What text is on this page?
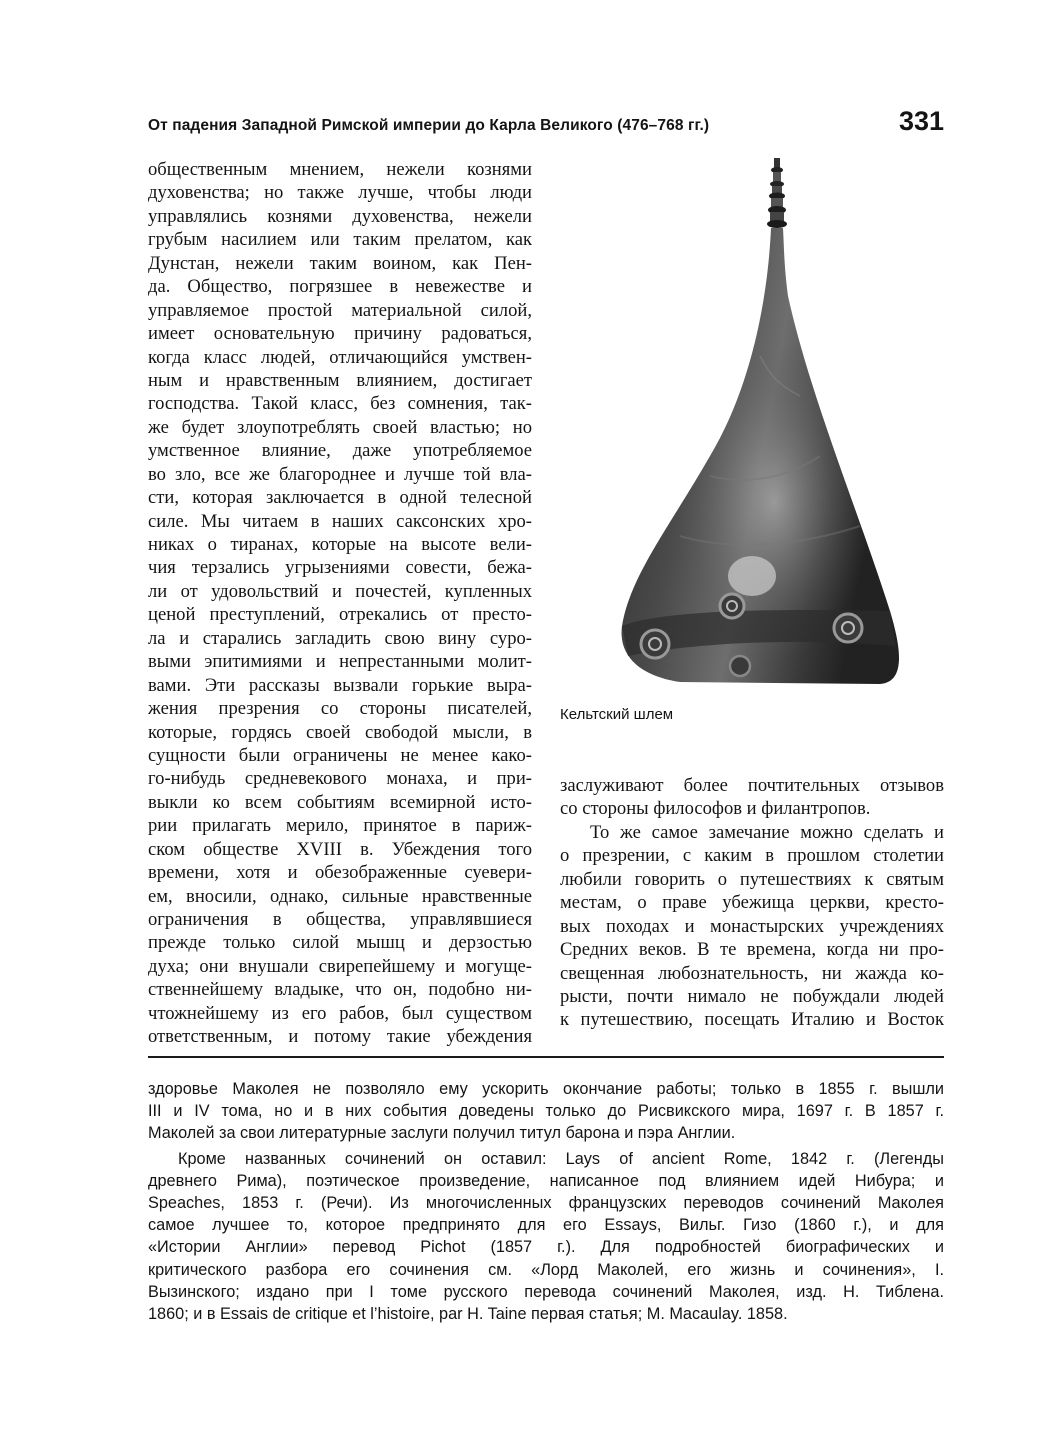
От падения Западной Римской империи до Карла Великого (476–768 гг.)	331
общественным мнением, нежели кознями
духовенства; но также лучше, чтобы люди
управлялись кознями духовенства, нежели
грубым насилием или таким прелатом, как
Дунстан, нежели таким воином, как Пен-
да. Общество, погрязшее в невежестве и
управляемое простой материальной силой,
имеет основательную причину радоваться,
когда класс людей, отличающийся умствен-
ным и нравственным влиянием, достигает
господства. Такой класс, без сомнения, так-
же будет злоупотреблять своей властью; но
умственное влияние, даже употребляемое
во зло, все же благороднее и лучше той вла-
сти, которая заключается в одной телесной
силе. Мы читаем в наших саксонских хро-
никах о тиранах, которые на высоте вели-
чия терзались угрызениями совести, бежа-
ли от удовольствий и почестей, купленных
ценой преступлений, отрекались от престо-
ла и старались загладить свою вину суро-
выми эпитимиями и непрестанными молит-
вами. Эти рассказы вызвали горькие выра-
жения презрения со стороны писателей,
которые, гордясь своей свободой мысли, в
сущности были ограничены не менее како-
го-нибудь средневекового монаха, и при-
выкли ко всем событиям всемирной исто-
рии прилагать мерило, принятое в париж-
ском обществе XVIII в. Убеждения того
времени, хотя и обезображенные суевери-
ем, вносили, однако, сильные нравственные
ограничения в общества, управлявшиеся
прежде только силой мышц и дерзостью
духа; они внушали свирепейшему и могуще-
ственнейшему владыке, что он, подобно ни-
чтожнейшему из его рабов, был существом
ответственным, и потому такие убеждения
Кельтский шлем
заслуживают более почтительных отзывов
со стороны философов и филантропов.
То же самое замечание можно сделать и
о презрении, с каким в прошлом столетии
любили говорить о путешествиях к святым
местам, о праве убежища церкви, кресто-
вых походах и монастырских учреждениях
Средних веков. В те времена, когда ни про-
свещенная любознательность, ни жажда ко-
рысти, почти нимало не побуждали людей
к путешествию, посещать Италию и Восток
здоровье Маколея не позволяло ему ускорить окончание работы; только в 1855 г. вышли
III и IV тома, но и в них события доведены только до Рисвикского мира, 1697 г. В 1857 г.
Маколей за свои литературные заслуги получил титул барона и пэра Англии.
Кроме названных сочинений он оставил: Lays of ancient Rome, 1842 г. (Легенды
древнего Рима), поэтическое произведение, написанное под влиянием идей Нибура; и
Speaches, 1853 г. (Речи). Из многочисленных французских переводов сочинений Маколея
самое лучшее то, которое предпринято для его Essays, Вильг. Гизо (1860 г.), и для
«Истории Англии» перевод Pichot (1857 г.). Для подробностей биографических и
критического разбора его сочинения см. «Лорд Маколей, его жизнь и сочинения», I.
Вызинского; издано при I томе русского перевода сочинений Маколея, изд. Н. Тиблена.
1860; и в Essais de critique et l’histoire, par H. Taine первая статья; M. Macaulay. 1858.
